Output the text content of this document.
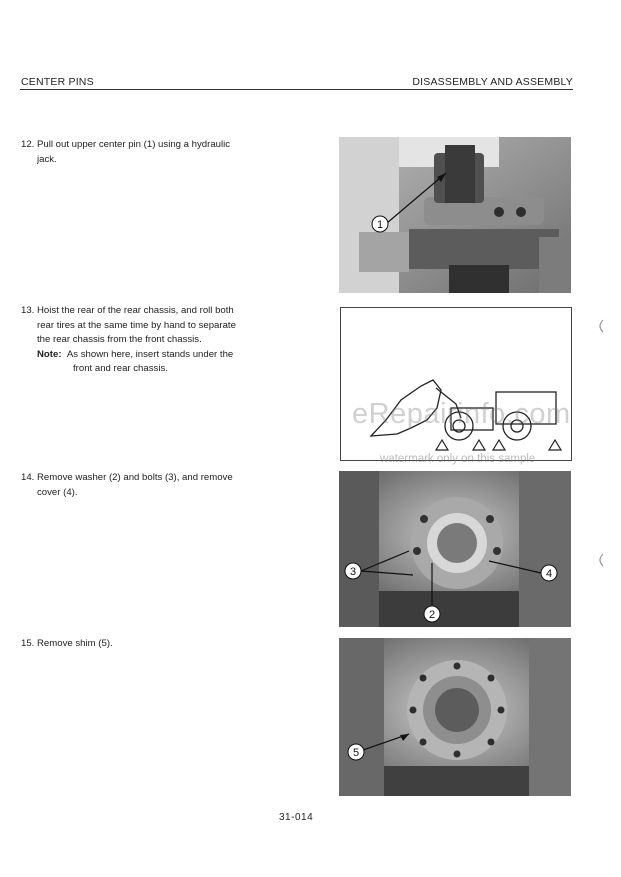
CENTER PINS	DISASSEMBLY AND ASSEMBLY
12. Pull out upper center pin (1) using a hydraulic
jack.
13. Hoist the rear of the rear chassis, and roll both
rear tires at the same time by hand to separate
the rear chassis from the front chassis.
Note: As shown here, insert stands under the
front and rear chassis.
14. Remove washer (2) and bolts (3), and remove
cover (4).
15. Remove shim (5).
1
eRepairinfo.com
watermark only on this sample
3	4
2
5
31-014
